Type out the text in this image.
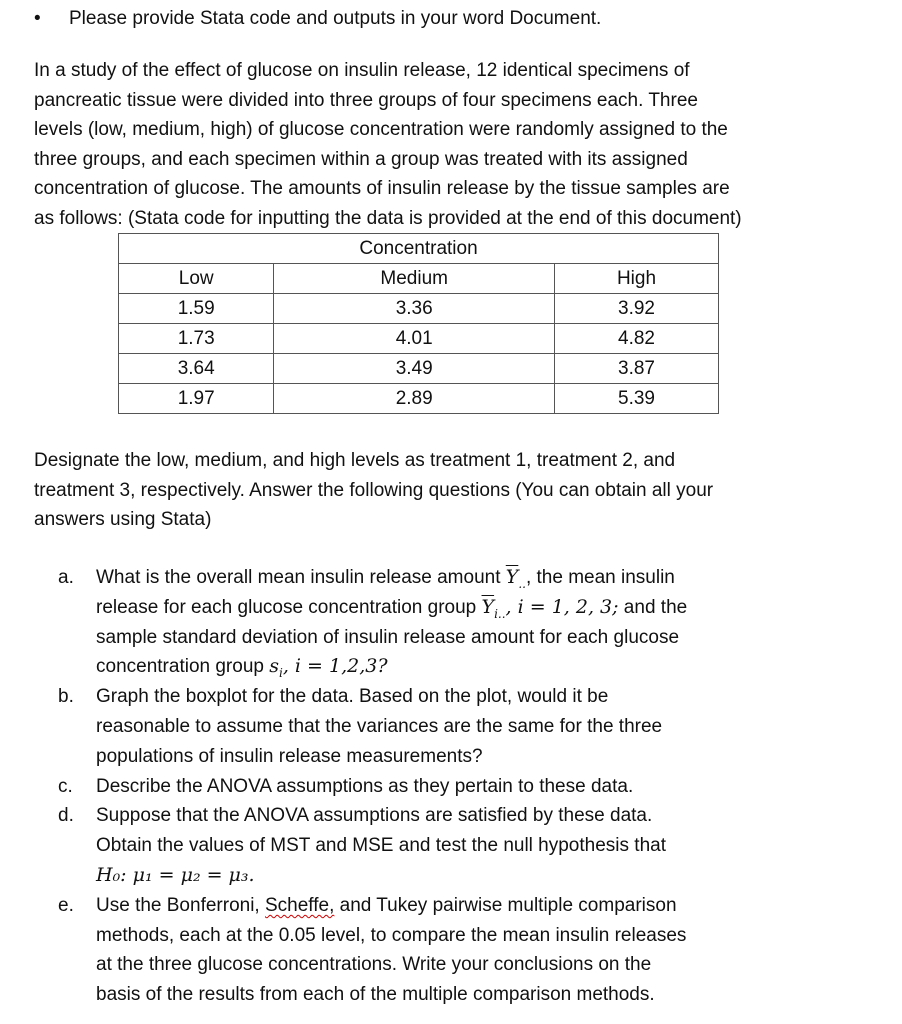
• Please provide Stata code and outputs in your word Document.
In a study of the effect of glucose on insulin release, 12 identical specimens of
pancreatic tissue were divided into three groups of four specimens each. Three
levels (low, medium, high) of glucose concentration were randomly assigned to the
three groups, and each specimen within a group was treated with its assigned
concentration of glucose. The amounts of insulin release by the tissue samples are
as follows: (Stata code for inputting the data is provided at the end of this document)
Concentration		
Low	Medium	High
1.59	3.36	3.92
1.73	4.01	4.82
3.64	3.49	3.87
1.97	2.89	5.39
Designate the low, medium, and high levels as treatment 1, treatment 2, and
treatment 3, respectively. Answer the following questions (You can obtain all your
answers using Stata)
a. What is the overall mean insulin release amount $\overline{Y}_{..}$, the mean insulin
release for each glucose concentration group $\overline{Y}_{i..}$, i = 1, 2, 3; and the
sample standard deviation of insulin release amount for each glucose
concentration group $s_i$, i = 1,2,3?
b. Graph the boxplot for the data. Based on the plot, would it be
reasonable to assume that the variances are the same for the three
populations of insulin release measurements?
c. Describe the ANOVA assumptions as they pertain to these data.
d. Suppose that the ANOVA assumptions are satisfied by these data.
Obtain the values of MST and MSE and test the null hypothesis that
H₀: μ₁ = μ₂ = μ₃.
e. Use the Bonferroni, Scheffe, and Tukey pairwise multiple comparison
methods, each at the 0.05 level, to compare the mean insulin releases
at the three glucose concentrations. Write your conclusions on the
basis of the results from each of the multiple comparison methods.
